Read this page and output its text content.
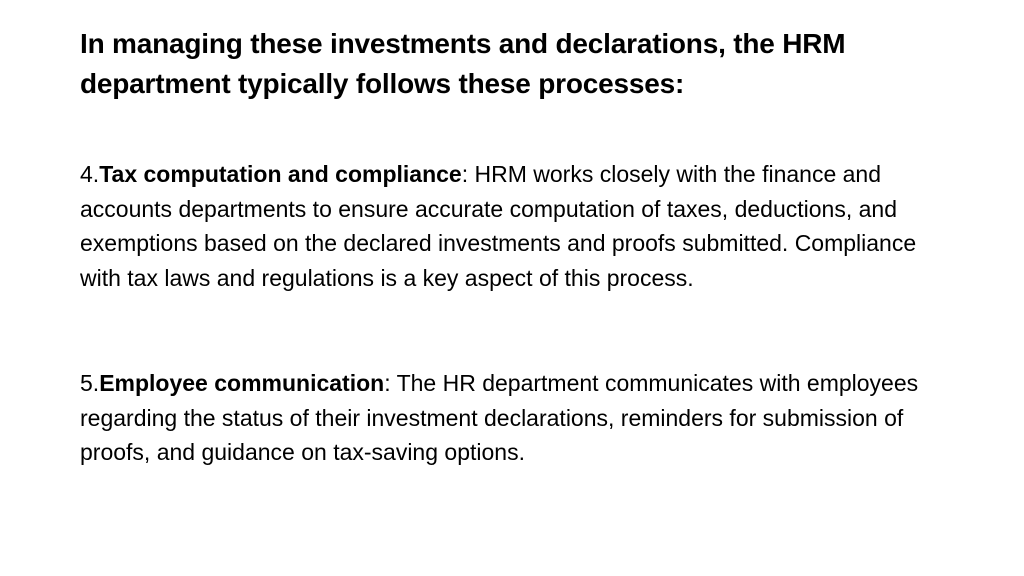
In managing these investments and declarations, the HRM department typically follows these processes:

4.Tax computation and compliance: HRM works closely with the finance and accounts departments to ensure accurate computation of taxes, deductions, and exemptions based on the declared investments and proofs submitted. Compliance with tax laws and regulations is a key aspect of this process.

5.Employee communication: The HR department communicates with employees regarding the status of their investment declarations, reminders for submission of proofs, and guidance on tax-saving options.
